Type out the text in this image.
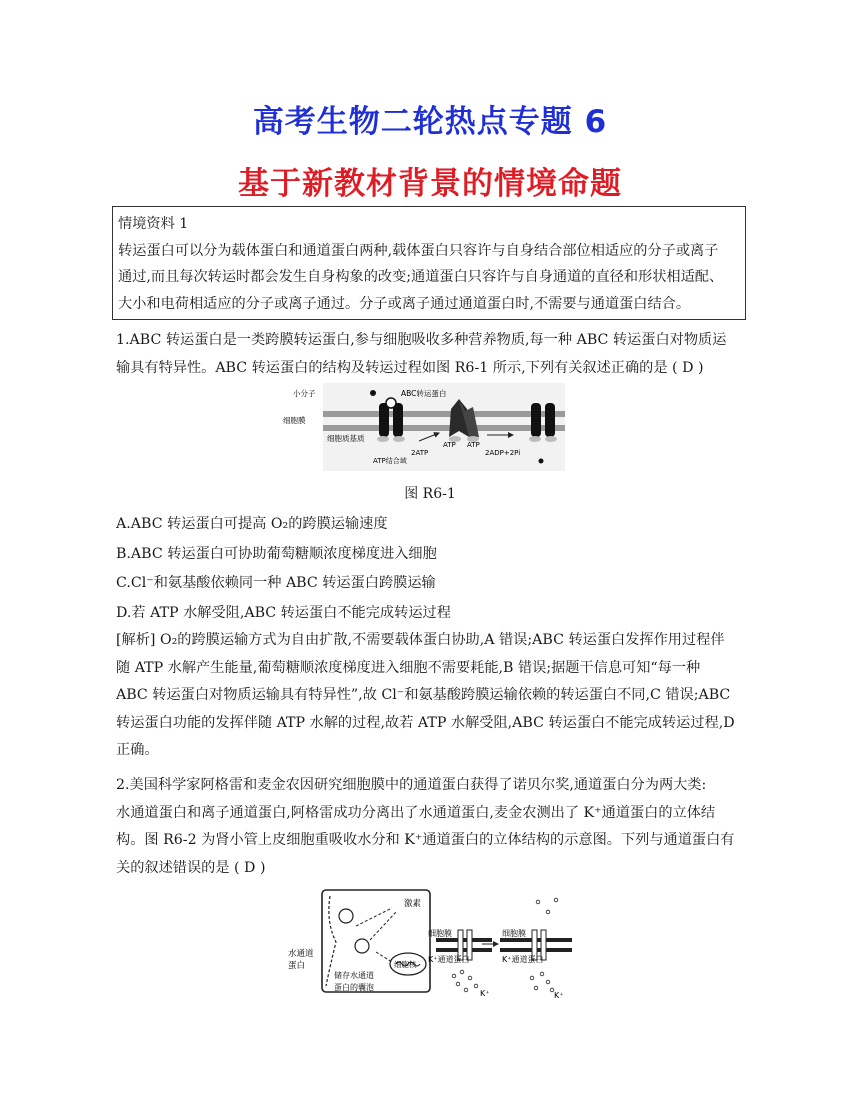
高考生物二轮热点专题 6
基于新教材背景的情境命题

情境资料 1

转运蛋白可以分为载体蛋白和通道蛋白两种,载体蛋白只容许与自身结合部位相适应的分子或离子

通过,而且每次转运时都会发生自身构象的改变;通道蛋白只容许与自身通道的直径和形状相适配、

大小和电荷相适应的分子或离子通过。分子或离子通过通道蛋白时,不需要与通道蛋白结合。

1.ABC 转运蛋白是一类跨膜转运蛋白,参与细胞吸收多种营养物质,每一种 ABC 转运蛋白对物质运

输具有特异性。ABC 转运蛋白的结构及转运过程如图 R6-1 所示,下列有关叙述正确的是 ( D )

小分子	ABC转运蛋白
细胞膜
细胞质基质
2ATP
ATP ATP
2ADP+2Pi
ATP结合域
图 R6-1

A.ABC 转运蛋白可提高 O₂的跨膜运输速度

B.ABC 转运蛋白可协助葡萄糖顺浓度梯度进入细胞

C.Cl⁻和氨基酸依赖同一种 ABC 转运蛋白跨膜运输

D.若 ATP 水解受阻,ABC 转运蛋白不能完成转运过程

[解析] O₂的跨膜运输方式为自由扩散,不需要载体蛋白协助,A 错误;ABC 转运蛋白发挥作用过程伴

随 ATP 水解产生能量,葡萄糖顺浓度梯度进入细胞不需要耗能,B 错误;据题干信息可知“每一种

ABC 转运蛋白对物质运输具有特异性”,故 Cl⁻和氨基酸跨膜运输依赖的转运蛋白不同,C 错误;ABC

转运蛋白功能的发挥伴随 ATP 水解的过程,故若 ATP 水解受阻,ABC 转运蛋白不能完成转运过程,D

正确。

2.美国科学家阿格雷和麦金农因研究细胞膜中的通道蛋白获得了诺贝尔奖,通道蛋白分为两大类:

水通道蛋白和离子通道蛋白,阿格雷成功分离出了水通道蛋白,麦金农测出了 K⁺通道蛋白的立体结

构。图 R6-2 为肾小管上皮细胞重吸收水分和 K⁺通道蛋白的立体结构的示意图。下列与通道蛋白有

关的叙述错误的是 ( D )

激素
水通道
蛋白	细胞核
储存水通道
蛋白的囊泡
细胞膜	细胞膜
K⁺通道蛋白	K⁺通道蛋白
K⁺	K⁺
